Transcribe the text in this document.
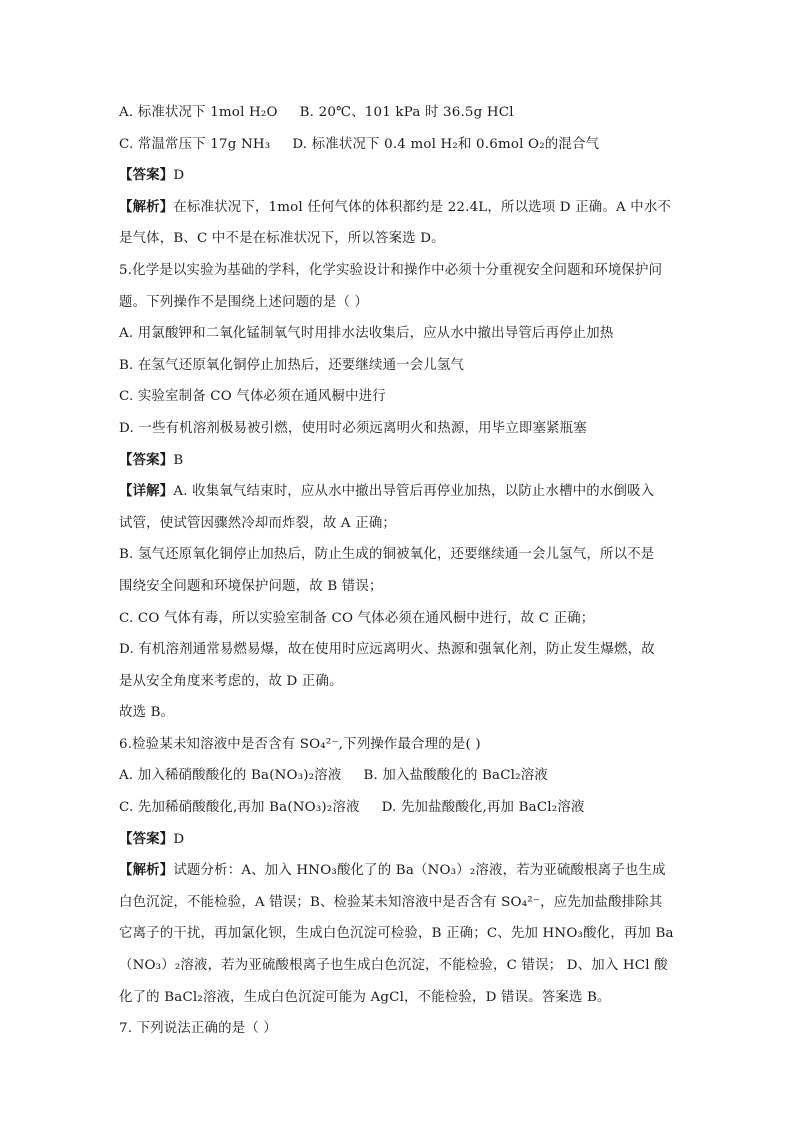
A. 标准状况下 1mol H₂O B. 20℃、101 kPa 时 36.5g HCl
C. 常温常压下 17g NH₃ D. 标准状况下 0.4 mol H₂和 0.6mol O₂的混合气
【答案】D
【解析】在标准状况下，1mol 任何气体的体积都约是 22.4L，所以选项 D 正确。A 中水不
是气体，B、C 中不是在标准状况下，所以答案选 D。
5.化学是以实验为基础的学科，化学实验设计和操作中必须十分重视安全问题和环境保护问
题。下列操作不是围绕上述问题的是（ ）
A. 用氯酸钾和二氧化锰制氧气时用排水法收集后，应从水中撤出导管后再停止加热
B. 在氢气还原氧化铜停止加热后，还要继续通一会儿氢气
C. 实验室制备 CO 气体必须在通风橱中进行
D. 一些有机溶剂极易被引燃，使用时必须远离明火和热源，用毕立即塞紧瓶塞
【答案】B
【详解】A. 收集氧气结束时，应从水中撤出导管后再停业加热，以防止水槽中的水倒吸入
试管，使试管因骤然冷却而炸裂，故 A 正确；
B. 氢气还原氧化铜停止加热后，防止生成的铜被氧化，还要继续通一会儿氢气，所以不是
围绕安全问题和环境保护问题，故 B 错误；
C. CO 气体有毒，所以实验室制备 CO 气体必须在通风橱中进行，故 C 正确；
D. 有机溶剂通常易燃易爆，故在使用时应远离明火、热源和强氧化剂，防止发生爆燃，故
是从安全角度来考虑的，故 D 正确。
故选 B。
6.检验某未知溶液中是否含有 SO₄²⁻,下列操作最合理的是( )
A. 加入稀硝酸酸化的 Ba(NO₃)₂溶液 B. 加入盐酸酸化的 BaCl₂溶液
C. 先加稀硝酸酸化,再加 Ba(NO₃)₂溶液 D. 先加盐酸酸化,再加 BaCl₂溶液
【答案】D
【解析】试题分析：A、加入 HNO₃酸化了的 Ba（NO₃）₂溶液，若为亚硫酸根离子也生成
白色沉淀，不能检验，A 错误；B、检验某未知溶液中是否含有 SO₄²⁻，应先加盐酸排除其
它离子的干扰，再加氯化钡，生成白色沉淀可检验，B 正确；C、先加 HNO₃酸化，再加 Ba
（NO₃）₂溶液，若为亚硫酸根离子也生成白色沉淀，不能检验，C 错误； D、加入 HCl 酸
化了的 BaCl₂溶液，生成白色沉淀可能为 AgCl，不能检验，D 错误。答案选 B。
7. 下列说法正确的是（ ）
